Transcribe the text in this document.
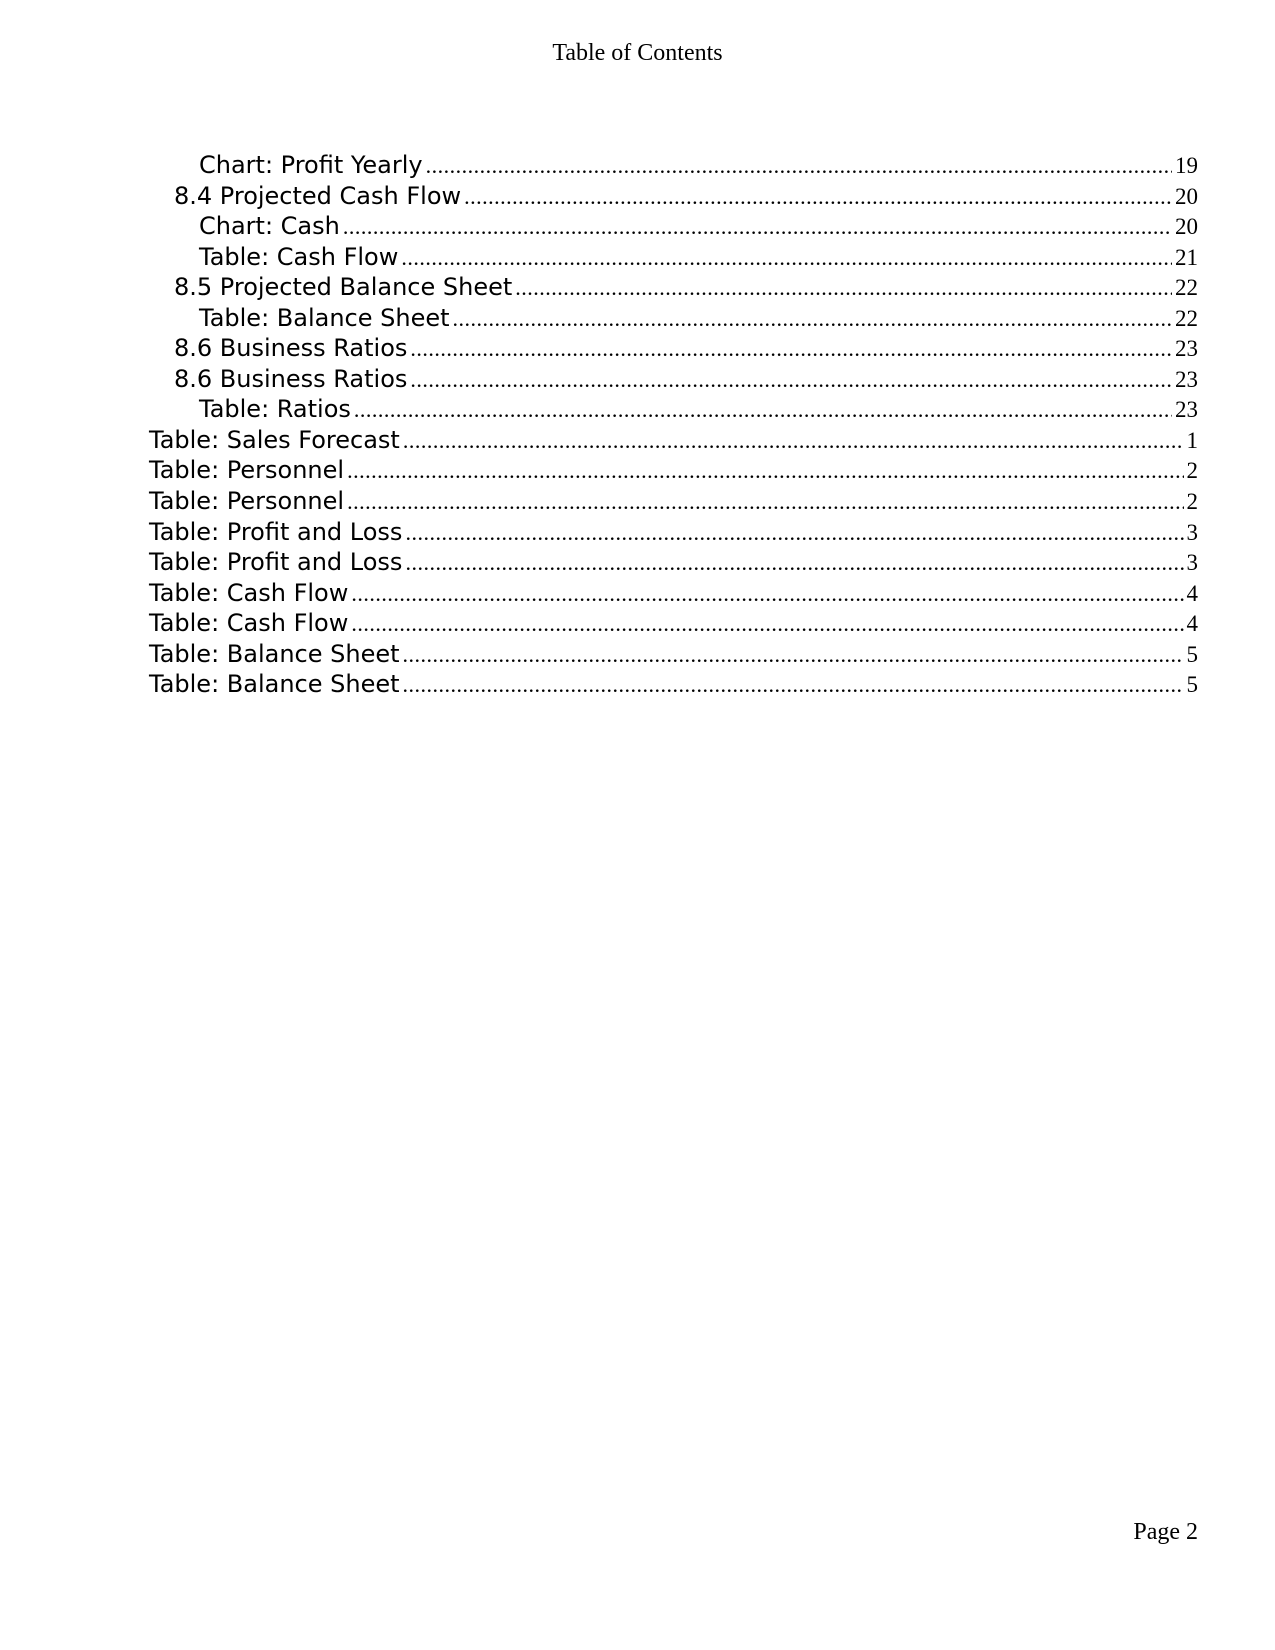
Table of Contents
Chart: Profit Yearly .....	19
8.4 Projected Cash Flow .....	20
Chart: Cash .....	20
Table: Cash Flow .....	21
8.5 Projected Balance Sheet .....	22
Table: Balance Sheet .....	22
8.6 Business Ratios .....	23
8.6 Business Ratios .....	23
Table: Ratios .....	23
Table: Sales Forecast .....	1
Table: Personnel .....	2
Table: Personnel .....	2
Table: Profit and Loss .....	3
Table: Profit and Loss .....	3
Table: Cash Flow .....	4
Table: Cash Flow .....	4
Table: Balance Sheet .....	5
Table: Balance Sheet .....	5
Page 2
